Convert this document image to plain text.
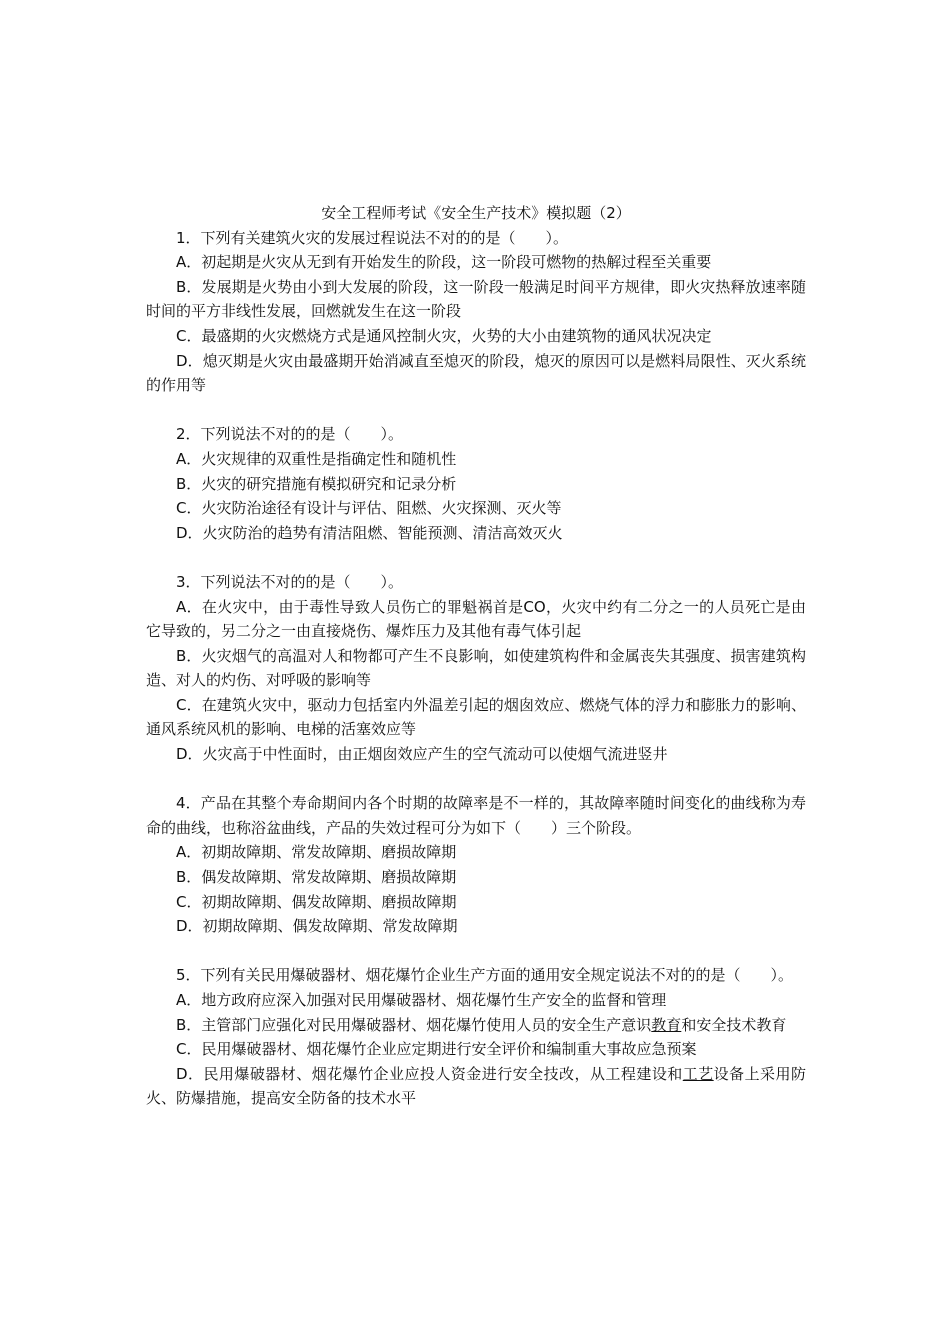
安全工程师考试《安全生产技术》模拟题（2）

1．下列有关建筑火灾的发展过程说法不对的的是（　　）。

A．初起期是火灾从无到有开始发生的阶段，这一阶段可燃物的热解过程至关重要

B．发展期是火势由小到大发展的阶段，这一阶段一般满足时间平方规律，即火灾热释放速率随时间的平方非线性发展，回燃就发生在这一阶段

C．最盛期的火灾燃烧方式是通风控制火灾，火势的大小由建筑物的通风状况决定

D．熄灭期是火灾由最盛期开始消减直至熄灭的阶段，熄灭的原因可以是燃料局限性、灭火系统的作用等

2．下列说法不对的的是（　　）。

A．火灾规律的双重性是指确定性和随机性

B．火灾的研究措施有模拟研究和记录分析

C．火灾防治途径有设计与评估、阻燃、火灾探测、灭火等

D．火灾防治的趋势有清洁阻燃、智能预测、清洁高效灭火

3．下列说法不对的的是（　　）。

A．在火灾中，由于毒性导致人员伤亡的罪魁祸首是CO，火灾中约有二分之一的人员死亡是由它导致的，另二分之一由直接烧伤、爆炸压力及其他有毒气体引起

B．火灾烟气的高温对人和物都可产生不良影响，如使建筑构件和金属丧失其强度、损害建筑构造、对人的灼伤、对呼吸的影响等

C．在建筑火灾中，驱动力包括室内外温差引起的烟囱效应、燃烧气体的浮力和膨胀力的影响、通风系统风机的影响、电梯的活塞效应等

D．火灾高于中性面时，由正烟囱效应产生的空气流动可以使烟气流进竖井

4．产品在其整个寿命期间内各个时期的故障率是不一样的，其故障率随时间变化的曲线称为寿命的曲线，也称浴盆曲线，产品的失效过程可分为如下（　　）三个阶段。

A．初期故障期、常发故障期、磨损故障期

B．偶发故障期、常发故障期、磨损故障期

C．初期故障期、偶发故障期、磨损故障期

D．初期故障期、偶发故障期、常发故障期

5．下列有关民用爆破器材、烟花爆竹企业生产方面的通用安全规定说法不对的的是（　　）。

A．地方政府应深入加强对民用爆破器材、烟花爆竹生产安全的监督和管理

B．主管部门应强化对民用爆破器材、烟花爆竹使用人员的安全生产意识教育和安全技术教育

C．民用爆破器材、烟花爆竹企业应定期进行安全评价和编制重大事故应急预案

D．民用爆破器材、烟花爆竹企业应投人资金进行安全技改，从工程建设和工艺设备上采用防火、防爆措施，提高安全防备的技术水平
